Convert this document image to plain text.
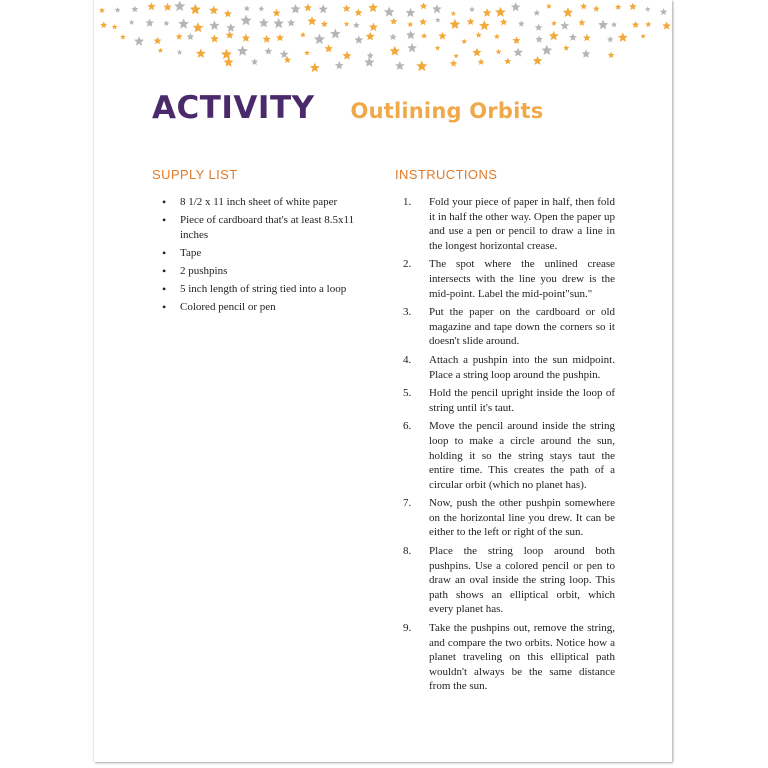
ACTIVITY Outlining Orbits
SUPPLY LIST
• 8 1/2 x 11 inch sheet of white paper
• Piece of cardboard that's at least 8.5x11 inches
• Tape
• 2 pushpins
• 5 inch length of string tied into a loop
• Colored pencil or pen
INSTRUCTIONS
1.	Fold your piece of paper in half, then fold it in half the other way. Open the paper up and use a pen or pencil to draw a line in the longest horizontal crease.
2.	The spot where the unlined crease intersects with the line you drew is the mid-point. Label the mid-point"sun."
3.	Put the paper on the cardboard or old magazine and tape down the corners so it doesn't slide around.
4.	Attach a pushpin into the sun midpoint. Place a string loop around the pushpin.
5.	Hold the pencil upright inside the loop of string until it's taut.
6.	Move the pencil around inside the string loop to make a circle around the sun, holding it so the string stays taut the entire time. This creates the path of a circular orbit (which no planet has).
7.	Now, push the other pushpin somewhere on the horizontal line you drew. It can be either to the left or right of the sun.
8.	Place the string loop around both pushpins. Use a colored pencil or pen to draw an oval inside the string loop. This path shows an elliptical orbit, which every planet has.
9.	Take the pushpins out, remove the string, and compare the two orbits. Notice how a planet traveling on this elliptical path wouldn't always be the same distance from the sun.
